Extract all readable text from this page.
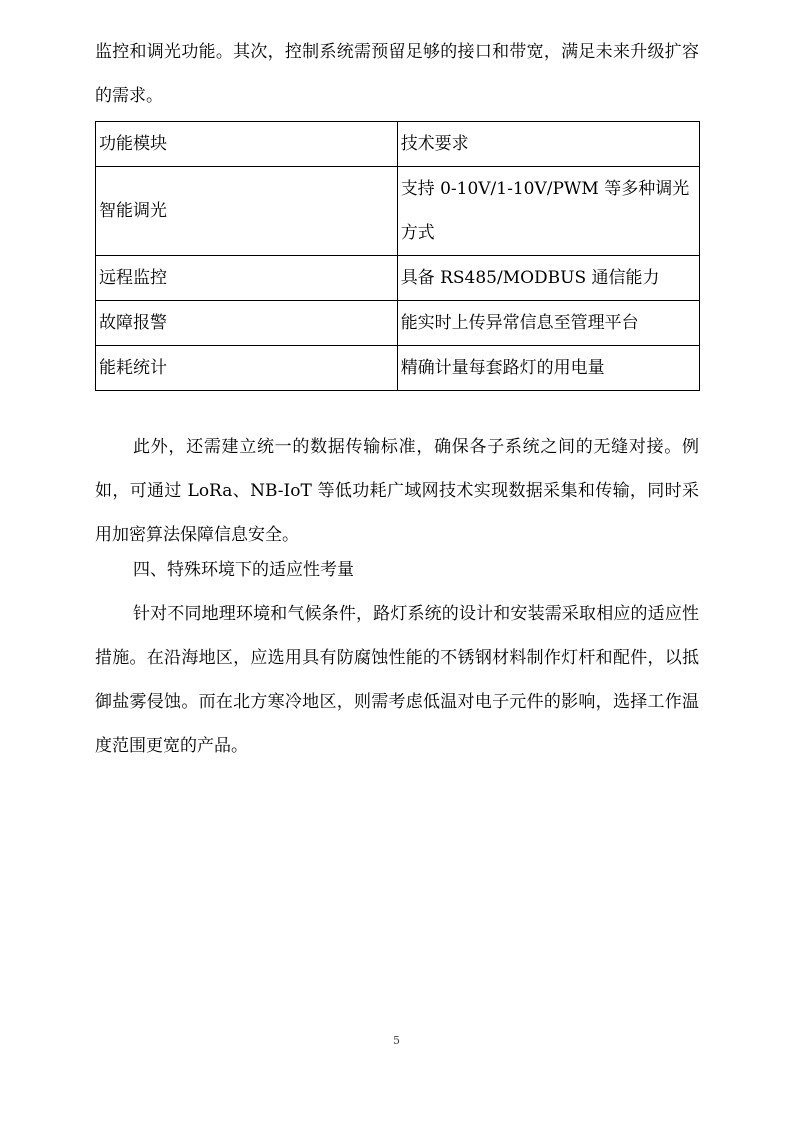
监控和调光功能。其次，控制系统需预留足够的接口和带宽，满足未来升级扩容的需求。

功能模块	技术要求
智能调光	支持 0-10V/1-10V/PWM 等多种调光方式
远程监控	具备 RS485/MODBUS 通信能力
故障报警	能实时上传异常信息至管理平台
能耗统计	精确计量每套路灯的用电量

此外，还需建立统一的数据传输标准，确保各子系统之间的无缝对接。例如，可通过 LoRa、NB-IoT 等低功耗广域网技术实现数据采集和传输，同时采用加密算法保障信息安全。

四、特殊环境下的适应性考量

针对不同地理环境和气候条件，路灯系统的设计和安装需采取相应的适应性措施。在沿海地区，应选用具有防腐蚀性能的不锈钢材料制作灯杆和配件，以抵御盐雾侵蚀。而在北方寒冷地区，则需考虑低温对电子元件的影响，选择工作温度范围更宽的产品。

5
